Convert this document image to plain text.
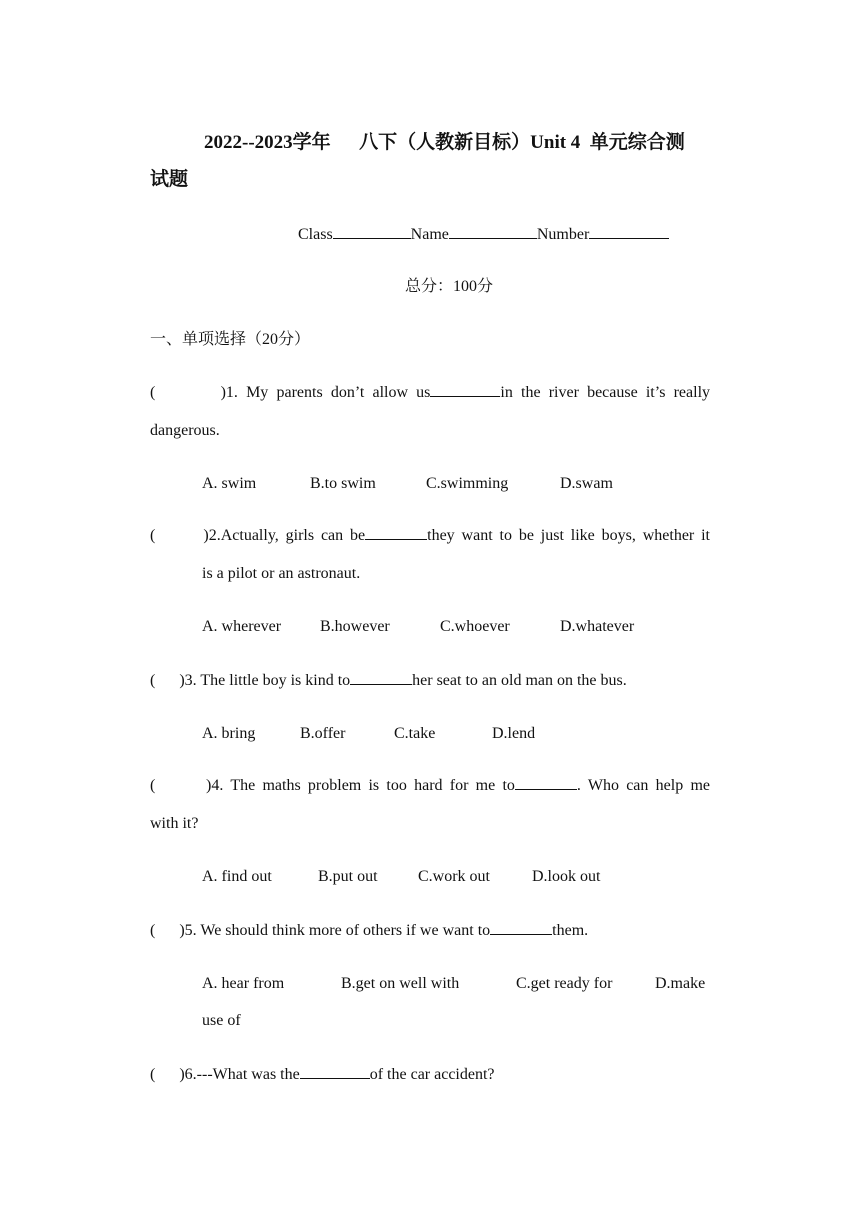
2022--2023学年      八下（人教新目标）Unit 4  单元综合测
试题
Class	Name	Number
总分：100分
一、单项选择（20分）
(        )1. My parents don’t allow us	in the river because it’s really
dangerous.
A. swim	B.to swim	C.swimming	D.swam
(       )2.Actually, girls can be	they want to be just like boys, whether it
is a pilot or an astronaut.
A. wherever B.however	C.whoever	D.whatever
(      )3. The little boy is kind to	her seat to an old man on the bus.
A. bring	B.offer	C.take	D.lend
(       )4. The maths problem is too hard for me to	. Who can help me
with it?
A. find out	B.put out	C.work out	D.look out
(      )5. We should think more of others if we want to	them.
A. hear from	B.get on well with	C.get ready for	D.make
use of
(      )6.---What was the	of the car accident?
